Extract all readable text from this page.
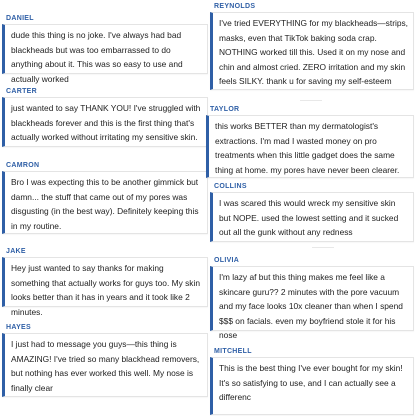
DANIEL

dude this thing is no joke. I've always had bad blackheads but was too embarrassed to do anything about it. This was so easy to use and actually worked

CARTER

just wanted to say THANK YOU! I've struggled with blackheads forever and this is the first thing that's actually worked without irritating my sensitive skin.

CAMRON

Bro I was expecting this to be another gimmick but damn... the stuff that came out of my pores was disgusting (in the best way). Definitely keeping this in my routine.

JAKE

Hey just wanted to say thanks for making something that actually works for guys too. My skin looks better than it has in years and it took like 2 minutes.

HAYES

I just had to message you guys—this thing is AMAZING! I've tried so many blackhead removers, but nothing has ever worked this well. My nose is finally clear

REYNOLDS

I've tried EVERYTHING for my blackheads—strips, masks, even that TikTok baking soda crap. NOTHING worked till this. Used it on my nose and chin and almost cried. ZERO irritation and my skin feels SILKY. thank u for saving my self-esteem

TAYLOR

this works BETTER than my dermatologist's extractions. I'm mad I wasted money on pro treatments when this little gadget does the same thing at home. my pores have never been clearer.

COLLINS

I was scared this would wreck my sensitive skin but NOPE. used the lowest setting and it sucked out all the gunk without any redness

OLIVIA

I'm lazy af but this thing makes me feel like a skincare guru?? 2 minutes with the pore vacuum and my face looks 10x cleaner than when I spend $$$ on facials. even my boyfriend stole it for his nose

MITCHELL

This is the best thing I've ever bought for my skin! It's so satisfying to use, and I can actually see a differenc
